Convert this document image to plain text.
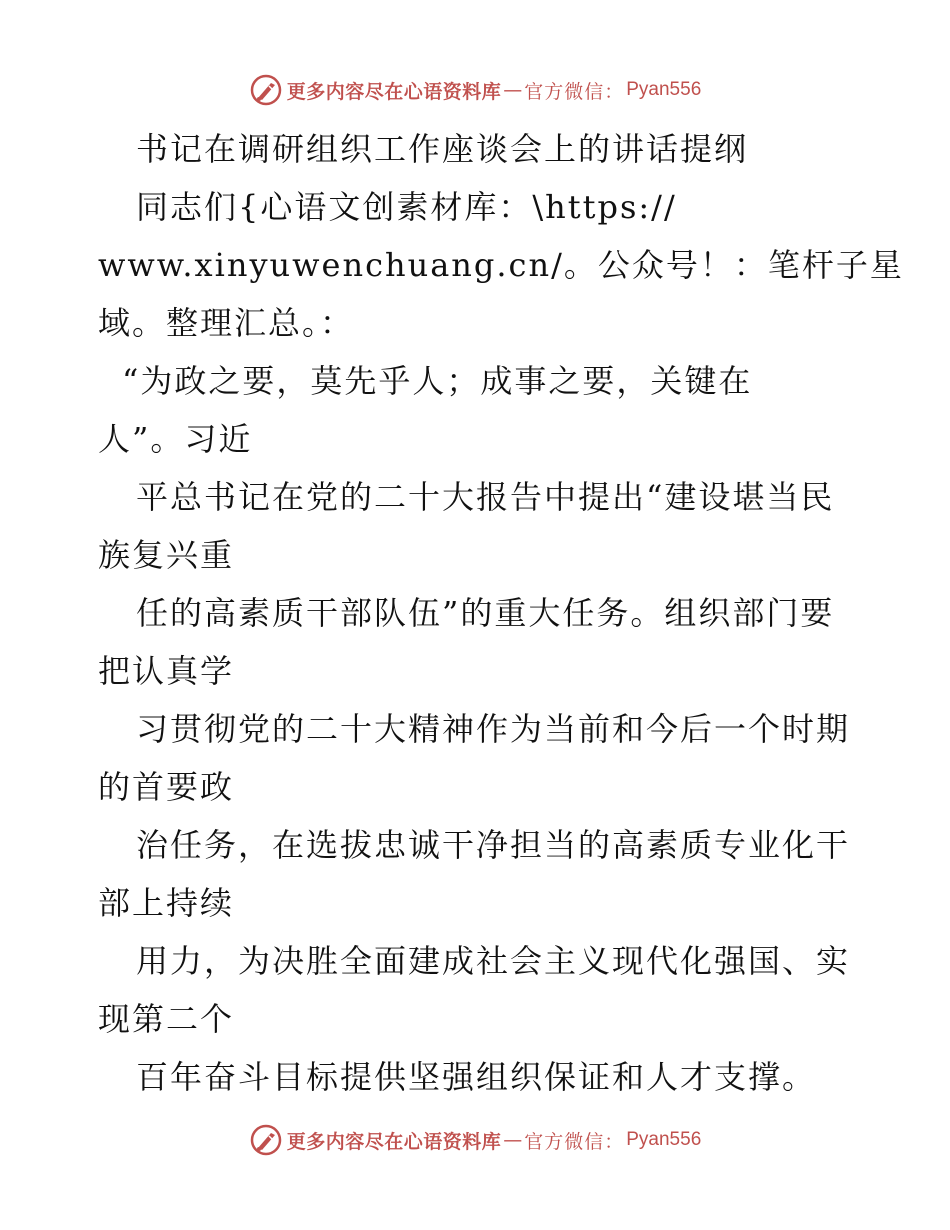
更多内容尽在心语资料库 — 官方微信： Pyan556
书记在调研组织工作座谈会上的讲话提纲
同志们{心语文创素材库：\https://
www.xinyuwenchuang.cn/。公众号！：笔杆子星
域。整理汇总。：
“为政之要，莫先乎人；成事之要，关键在
人”。习近
平总书记在党的二十大报告中提出“建设堪当民
族复兴重
任的高素质干部队伍”的重大任务。组织部门要
把认真学
习贯彻党的二十大精神作为当前和今后一个时期
的首要政
治任务，在选拔忠诚干净担当的高素质专业化干
部上持续
用力，为决胜全面建成社会主义现代化强国、实
现第二个
百年奋斗目标提供坚强组织保证和人才支撑。
更多内容尽在心语资料库 — 官方微信： Pyan556
